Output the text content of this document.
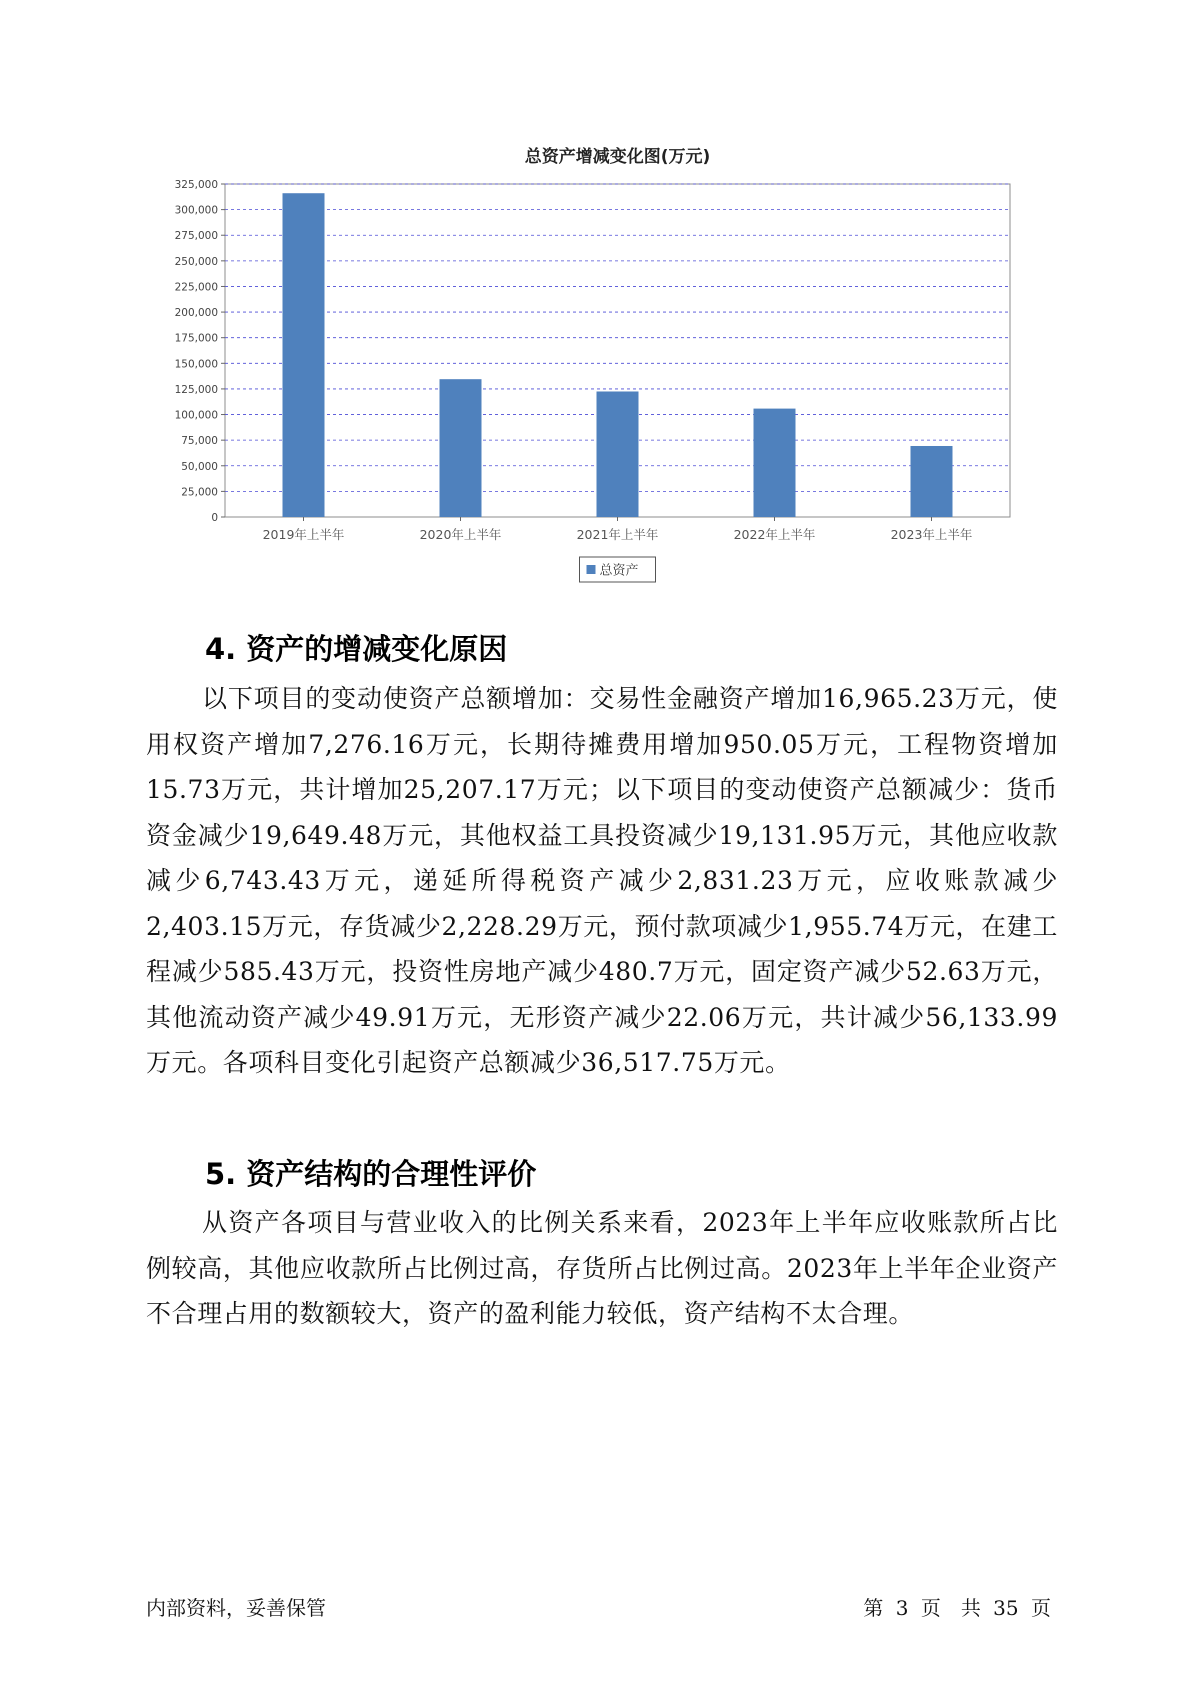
总资产增减变化图(万元)
0
25,000
50,000
75,000
100,000
125,000
150,000
175,000
200,000
225,000
250,000
275,000
300,000
325,000
2019年上半年	2020年上半年	2021年上半年	2022年上半年	2023年上半年
总资产
4. 资产的增减变化原因

以下项目的变动使资产总额增加：交易性金融资产增加16,965.23万元，使用权资产增加7,276.16万元，长期待摊费用增加950.05万元，工程物资增加15.73万元，共计增加25,207.17万元；以下项目的变动使资产总额减少：货币资金减少19,649.48万元，其他权益工具投资减少19,131.95万元，其他应收款减少6,743.43万元，递延所得税资产减少2,831.23万元，应收账款减少2,403.15万元，存货减少2,228.29万元，预付款项减少1,955.74万元，在建工程减少585.43万元，投资性房地产减少480.7万元，固定资产减少52.63万元，其他流动资产减少49.91万元，无形资产减少22.06万元，共计减少56,133.99万元。各项科目变化引起资产总额减少36,517.75万元。

5. 资产结构的合理性评价

从资产各项目与营业收入的比例关系来看，2023年上半年应收账款所占比例较高，其他应收款所占比例过高，存货所占比例过高。2023年上半年企业资产不合理占用的数额较大，资产的盈利能力较低，资产结构不太合理。

内部资料，妥善保管	第 3 页　共 35 页
